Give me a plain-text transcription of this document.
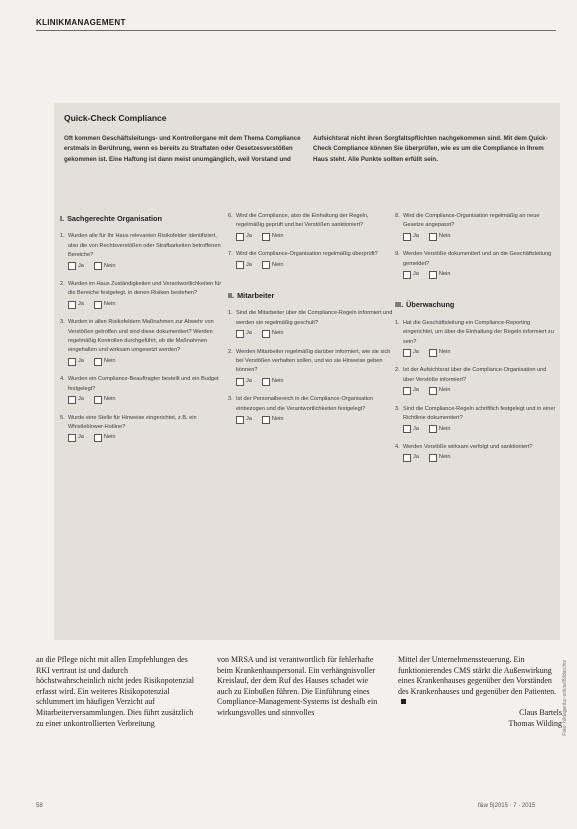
KLINIKMANAGEMENT
Quick-Check Compliance
Oft kommen Geschäftsleitungs- und Kontrollorgane mit dem Thema Compliance erstmals in Berührung, wenn es bereits zu Straftaten oder Gesetzesverstößen gekommen ist. Eine Haftung ist dann meist unumgänglich, weil Vorstand und
Aufsichtsrat nicht ihren Sorgfaltspflichten nachgekommen sind. Mit dem Quick-Check Compliance können Sie überprüfen, wie es um die Compliance in Ihrem Haus steht. Alle Punkte sollten erfüllt sein.
I. Sachgerechte Organisation
1. Wurden alle für Ihr Haus relevanten Risikofelder identifiziert, also die von Rechtsverstößen oder Strafbarkeiten betroffenen Bereiche?
Ja	Nein
2. Wurden im Haus Zuständigkeiten und Verantwortlichkeiten für die Bereiche festgelegt, in denen Risiken bestehen?
Ja	Nein
3. Wurden in allen Risikofeldern Maßnahmen zur Abwehr von Verstößen getroffen und sind diese dokumentiert? Werden regelmäßig Kontrollen durchgeführt, ob die Maßnahmen eingehalten und wirksam umgesetzt werden?
Ja	Nein
4. Wurden ein Compliance-Beauftragter bestellt und ein Budget festgelegt?
Ja	Nein
5. Wurde eine Stelle für Hinweise eingerichtet, z.B. ein Whistleblower-Hotline?
Ja	Nein
6. Wird die Compliance, also die Einhaltung der Regeln, regelmäßig geprüft und bei Verstößen sanktioniert?
Ja	Nein
7. Wird die Compliance-Organisation regelmäßig überprüft?
Ja	Nein
II. Mitarbeiter
1. Sind die Mitarbeiter über die Compliance-Regeln informiert und werden sie regelmäßig geschult?
Ja	Nein
2. Werden Mitarbeiter regelmäßig darüber informiert, wie sie sich bei Verstößen verhalten sollen, und wo sie Hinweise geben können?
Ja	Nein
3. Ist der Personalbereich in die Compliance-Organisation einbezogen und die Verantwortlichkeiten festgelegt?
Ja	Nein
8. Wird die Compliance-Organisation regelmäßig an neue Gesetze angepasst?
Ja	Nein
9. Werden Verstöße dokumentiert und an die Geschäftsleitung gemeldet?
Ja	Nein
III. Überwachung
1. Hat die Geschäftsleitung ein Compliance-Reporting eingerichtet, um über die Einhaltung der Regeln informiert zu sein?
Ja	Nein
2. Ist der Aufsichtsrat über die Compliance-Organisation und über Verstöße informiert?
Ja	Nein
3. Sind die Compliance-Regeln schriftlich festgelegt und in einer Richtlinie dokumentiert?
Ja	Nein
4. Werden Verstöße wirksam verfolgt und sanktioniert?
Ja	Nein
an die Pflege nicht mit allen Empfehlungen des RKI vertraut ist und dadurch höchstwahrscheinlich nicht jedes Risikopotenzial erfasst wird. Ein weiteres Risikopotenzial schlummert im häufigen Verzicht auf Mitarbeiterversammlungen. Dies führt zusätzlich zu einer unkontrollierten Verbreitung
von MRSA und ist verantwortlich für fehlerhafte beim Krankenhauspersonal. Ein verhängnisvoller Kreislauf, der dem Ruf des Hauses schadet wie auch zu Einbußen führen. Die Einführung eines Compliance-Management-Systems ist deshalb ein wirkungsvolles und sinnvolles
Mittel der Unternehmenssteuerung. Ein funktionierendes CMS stärkt die Außenwirkung eines Krankenhauses gegenüber den Vorständen des Krankenhauses und gegenüber den Patienten.
Claus Bartels
Thomas Wilding
58	f&w 5|2015 · 7 · 2015
Foto: bildagentur-online/Bildarchiv
